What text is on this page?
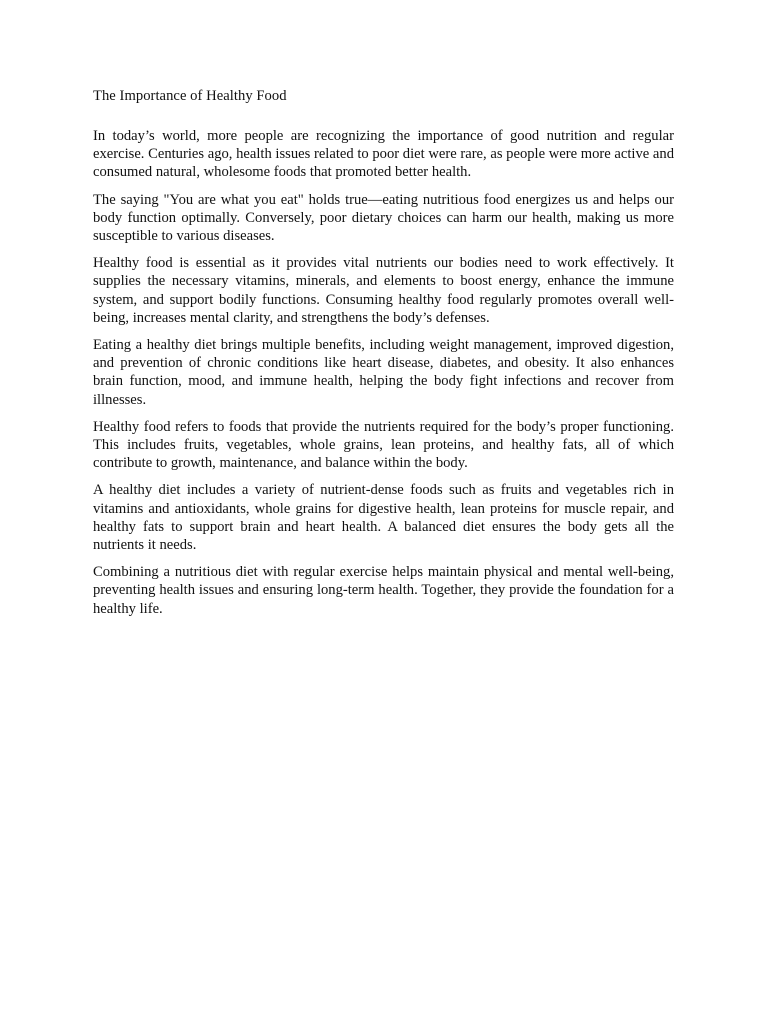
The Importance of Healthy Food

In today’s world, more people are recognizing the importance of good nutrition and regular exercise. Centuries ago, health issues related to poor diet were rare, as people were more active and consumed natural, wholesome foods that promoted better health.

The saying "You are what you eat" holds true—eating nutritious food energizes us and helps our body function optimally. Conversely, poor dietary choices can harm our health, making us more susceptible to various diseases.

Healthy food is essential as it provides vital nutrients our bodies need to work effectively. It supplies the necessary vitamins, minerals, and elements to boost energy, enhance the immune system, and support bodily functions. Consuming healthy food regularly promotes overall well-being, increases mental clarity, and strengthens the body’s defenses.

Eating a healthy diet brings multiple benefits, including weight management, improved digestion, and prevention of chronic conditions like heart disease, diabetes, and obesity. It also enhances brain function, mood, and immune health, helping the body fight infections and recover from illnesses.

Healthy food refers to foods that provide the nutrients required for the body’s proper functioning. This includes fruits, vegetables, whole grains, lean proteins, and healthy fats, all of which contribute to growth, maintenance, and balance within the body.

A healthy diet includes a variety of nutrient-dense foods such as fruits and vegetables rich in vitamins and antioxidants, whole grains for digestive health, lean proteins for muscle repair, and healthy fats to support brain and heart health. A balanced diet ensures the body gets all the nutrients it needs.

Combining a nutritious diet with regular exercise helps maintain physical and mental well-being, preventing health issues and ensuring long-term health. Together, they provide the foundation for a healthy life.
